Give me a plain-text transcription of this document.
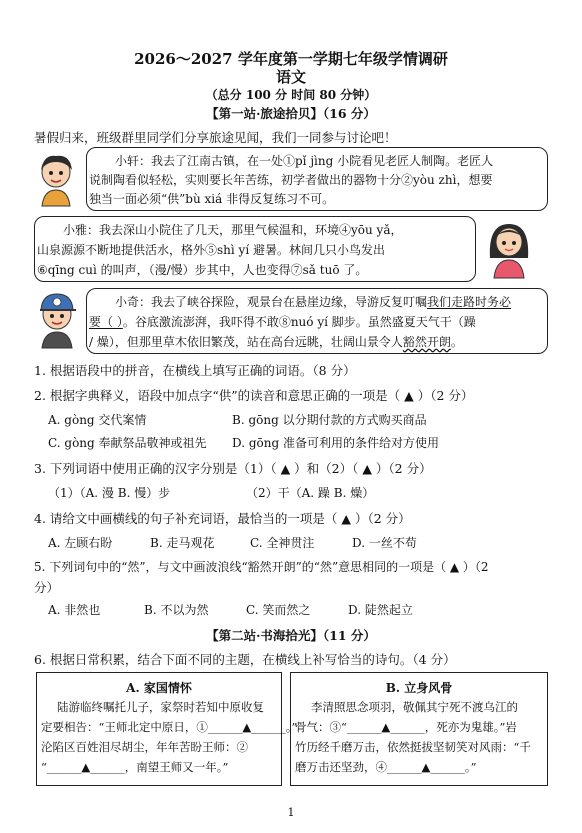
2026～2027 学年度第一学期七年级学情调研
语文
（总分 100 分 时间 80 分钟）
【第一站·旅途拾贝】（16 分）
暑假归来，班级群里同学们分享旅途见闻，我们一同参与讨论吧！
小轩：我去了江南古镇，在一处①pǐ jìng 小院看见老匠人制陶。老匠人
说制陶看似轻松，实则要长年苦练，初学者做出的器物十分②yòu zhì，想要
独当一面必须“供”bù xiá 非得反复练习不可。
小雅：我去深山小院住了几天，那里气候温和，环境④yōu yǎ，
山泉源源不断地提供活水，格外⑤shì yí 避暑。林间几只小鸟发出
⑥qīng cuì 的叫声，（漫/慢）步其中，人也变得⑦sǎ tuō 了。
小奇：我去了峡谷探险，观景台在悬崖边缘，导游反复叮嘱我们走路时务必
要（ ）。谷底激流澎湃，我吓得不敢⑧nuó yí 脚步。虽然盛夏天气干（躁
/ 燥），但那里草木依旧繁茂，站在高台远眺，壮阔山景令人豁然开朗。
1. 根据语段中的拼音，在横线上填写正确的词语。（8 分）
2. 根据字典释义，语段中加点字“供”的读音和意思正确的一项是（ ▲ ）（2 分）
A. gòng 交代案情	B. gōng 以分期付款的方式购买商品
C. gòng 奉献祭品敬神或祖先 D. gōng 准备可利用的条件给对方使用
3. 下列词语中使用正确的汉字分别是（1）（ ▲ ）和（2）（ ▲ ）（2 分）
（1）（A. 漫 B. 慢）步	（2）干（A. 躁 B. 燥）
4. 请给文中画横线的句子补充词语，最恰当的一项是（ ▲ ）（2 分）
A. 左顾右盼	B. 走马观花	C. 全神贯注	D. 一丝不苟
5. 下列词句中的“然”，与文中画波浪线“豁然开朗”的“然”意思相同的一项是（ ▲ ）（2
分）
A. 非然也	B. 不以为然	C. 笑而然之	D. 陡然起立
【第二站·书海拾光】（11 分）
6. 根据日常积累，结合下面不同的主题，在横线上补写恰当的诗句。（4 分）
A. 家国情怀
陆游临终嘱托儿子，家祭时若知中原收复
定要相告：“王师北定中原日，①______▲______。”
沦陷区百姓泪尽胡尘，年年苦盼王师：②
“______▲______，南望王师又一年。”
B. 立身风骨
李清照思念项羽，敬佩其宁死不渡乌江的
骨气：③“______▲______，死亦为鬼雄。”岩
竹历经千磨万击，依然挺拔坚韧笑对风雨：“千
磨万击还坚劲，④______▲______。”
1
